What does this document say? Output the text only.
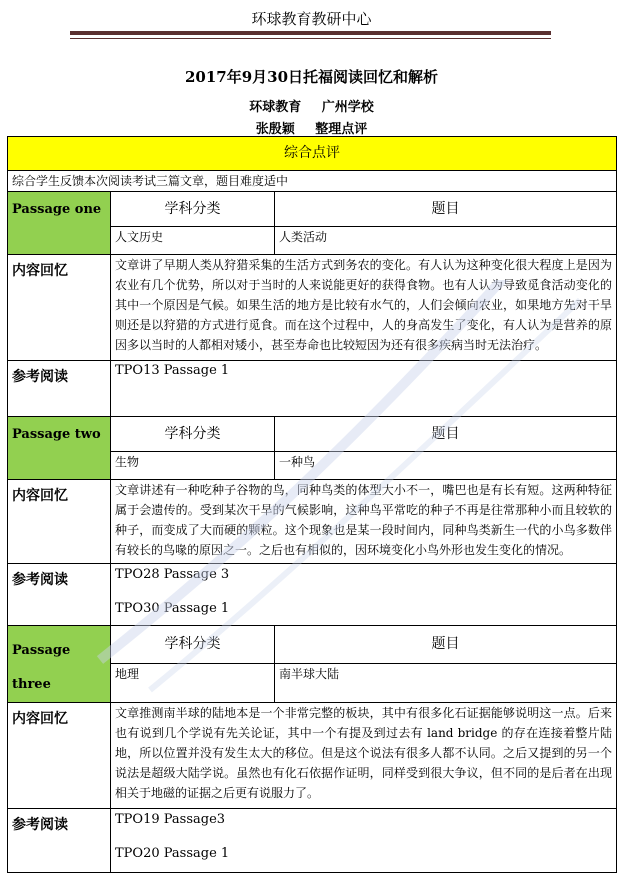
环球教育教研中心
2017年9月30日托福阅读回忆和解析
环球教育 广州学校
张殷颖 整理点评
综合点评		
综合学生反馈本次阅读考试三篇文章，题目难度适中		
Passage one	学科分类	题目
	人文历史	人类活动
内容回忆	文章讲了早期人类从狩猎采集的生活方式到务农的变化。有人认为这种变化很大程度上是因为农业有几个优势，所以对于当时的人来说能更好的获得食物。也有人认为导致觅食活动变化的其中一个原因是气候。如果生活的地方是比较有水气的，人们会倾向农业，如果地方先对干旱则还是以狩猎的方式进行觅食。而在这个过程中，人的身高发生了变化，有人认为是营养的原因多以当时的人都相对矮小，甚至寿命也比较短因为还有很多疾病当时无法治疗。	
参考阅读	TPO13 Passage 1	

Passage two	学科分类	题目
	生物	一种鸟
内容回忆	文章讲述有一种吃种子谷物的鸟，同种鸟类的体型大小不一，嘴巴也是有长有短。这两种特征属于会遗传的。受到某次干旱的气候影响，这种鸟平常吃的种子不再是往常那种小而且较软的种子，而变成了大而硬的颗粒。这个现象也是某一段时间内，同种鸟类新生一代的小鸟多数伴有较长的鸟喙的原因之一。之后也有相似的，因环境变化小鸟外形也发生变化的情况。	
参考阅读	TPO28 Passage 3
TPO30 Passage 1	

Passage three	学科分类	题目
	地理	南半球大陆
内容回忆	文章推测南半球的陆地本是一个非常完整的板块，其中有很多化石证据能够说明这一点。后来也有说到几个学说有先关论证，其中一个有提及到过去有 land bridge 的存在连接着整片陆地，所以位置并没有发生太大的移位。但是这个说法有很多人都不认同。之后又提到的另一个说法是超级大陆学说。虽然也有化石依据作证明，同样受到很大争议，但不同的是后者在出现相关于地磁的证据之后更有说服力了。	
参考阅读	TPO19 Passage3
TPO20 Passage 1	
